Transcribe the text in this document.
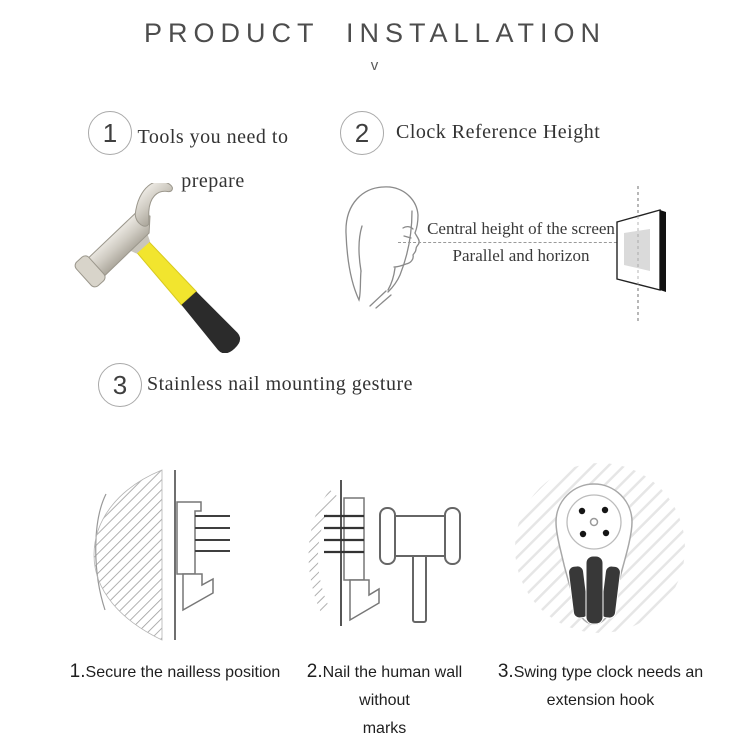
PRODUCT  INSTALLATION
v
1 Tools you need to
prepare
2 Clock Reference Height
Central height of the screen
Parallel and horizon
3 Stainless nail mounting gesture
1.Secure the nailless position	2.Nail the human wall without
marks
3.Swing type clock needs an
extension hook
